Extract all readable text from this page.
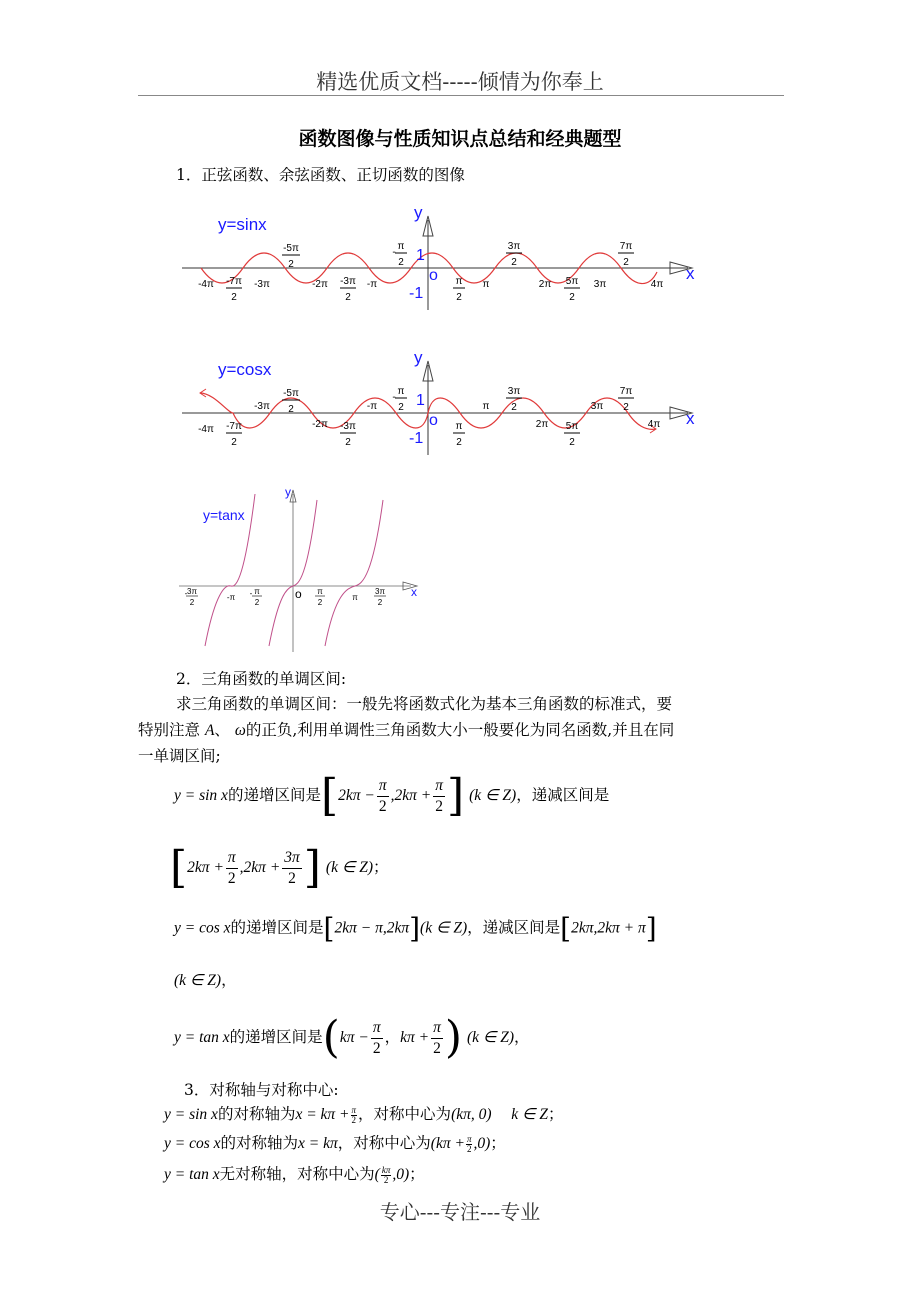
精选优质文档-----倾情为你奉上
函数图像与性质知识点总结和经典题型
1．正弦函数、余弦函数、正切函数的图像
y=sinx
y
x
o
1
-1
-4π -7π
2
-3π
-5π
2
-2π -3π
2
-π
-
π
2
π
2
π
3π
2
2π 5π
2
3π
7π
2
4π
y=cosx
y
x
o
1
-1
-4π -7π
2
-3π
-5π
2
-2π -3π
2
-π
-
π
2
π
2
π
3π
2
2π 5π
2
3π
7π
2
4π
y=tanx
y
x
o
- 3π
2
-π - π
2
π
2
π
3π
2
2．三角函数的单调区间:
求三角函数的单调区间：一般先将函数式化为基本三角函数的标准式，要
特别注意 A、 ω的正负,利用单调性三角函数大小一般要化为同名函数,并且在同
一单调区间;
y = sin x的递增区间是[$2k\pi - \frac{\pi}{2} ,2k\pi + \frac{\pi}{2}$ ] (k ∈ Z)，递减区间是
[$2k\pi + \frac{\pi}{2} ,2k\pi + \frac{3\pi}{2}$ ] (k ∈ Z)；
y = cos x的递增区间是[2kπ − π,2kπ](k ∈ Z)，递减区间是[2kπ,2kπ + π]
(k ∈ Z)，
y = tan x的递增区间是($k\pi - \frac{\pi}{2}$ ，$k\pi + \frac{\pi}{2}$ ) (k ∈ Z)，
3．对称轴与对称中心:
y = sin x的对称轴为$x = k\pi + \frac{\pi}{2}$ ，对称中心为(kπ, 0) k ∈ Z；
y = cos x的对称轴为x = kπ，对称中心为$(k\pi + \frac{\pi}{2} ,0)$；
y = tan x无对称轴，对称中心为( $\frac{k\pi}{2} ,0$)；
专心---专注---专业
